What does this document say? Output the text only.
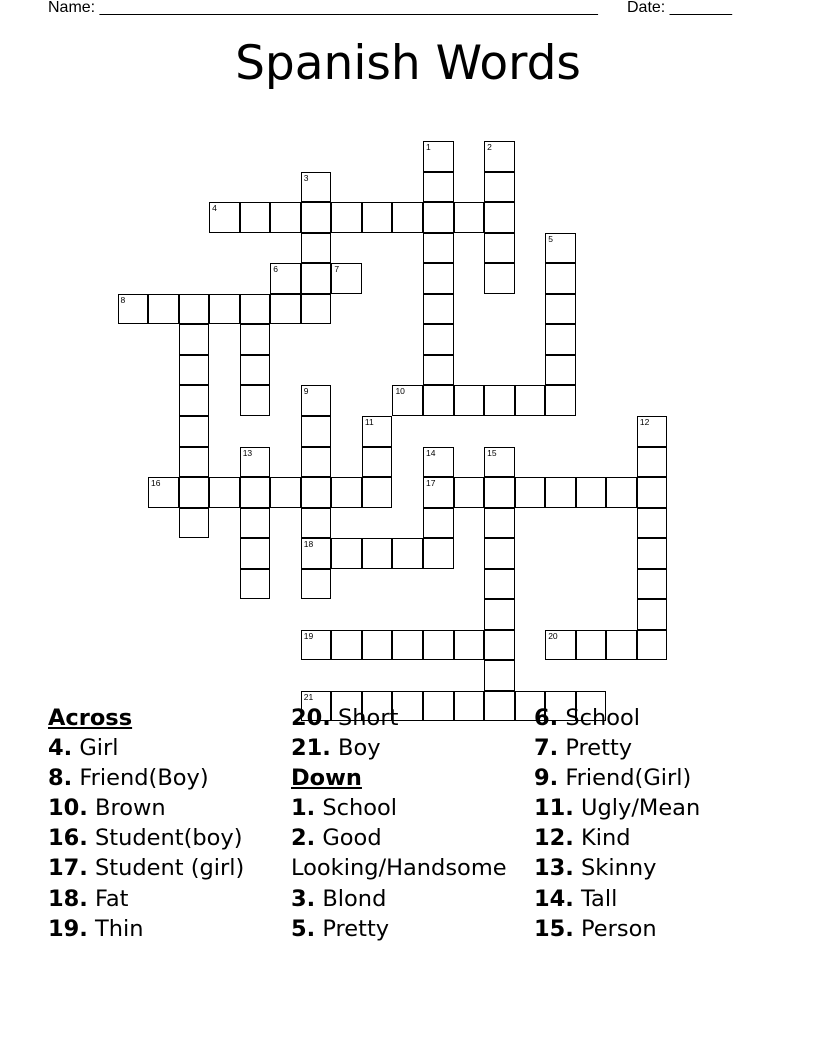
Name: ________________________________________________________ Date: _______
Spanish Words
1	2
3
4
5
6	7
8
9	10
11	12
13	14	15
16	17
18
19	20
21
Across
4. Girl
8. Friend(Boy)
10. Brown
16. Student(boy)
17. Student (girl)
18. Fat
19. Thin
20. Short
21. Boy
Down
1. School
2. Good Looking/Handsome
3. Blond
5. Pretty
6. School
7. Pretty
9. Friend(Girl)
11. Ugly/Mean
12. Kind
13. Skinny
14. Tall
15. Person
